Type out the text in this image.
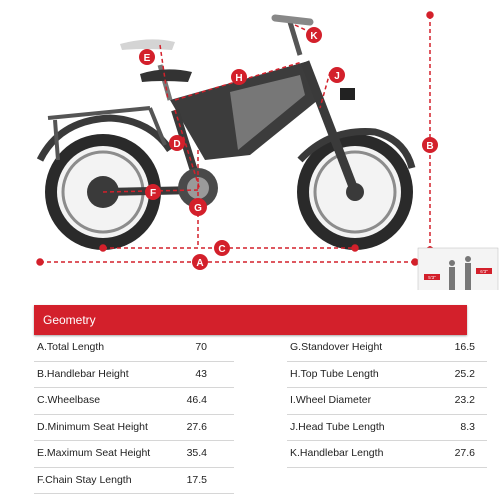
A
B
C
D
E
F
G
H	J
K
5'3"
6'3"
Geometry
A.Total Length	70
B.Handlebar Height	43
C.Wheelbase	46.4
D.Minimum Seat Height	27.6
E.Maximum Seat Height	35.4
F.Chain Stay Length	17.5
G.Standover Height	16.5
H.Top Tube Length	25.2
I.Wheel Diameter	23.2
J.Head Tube Length	8.3
K.Handlebar Length	27.6
